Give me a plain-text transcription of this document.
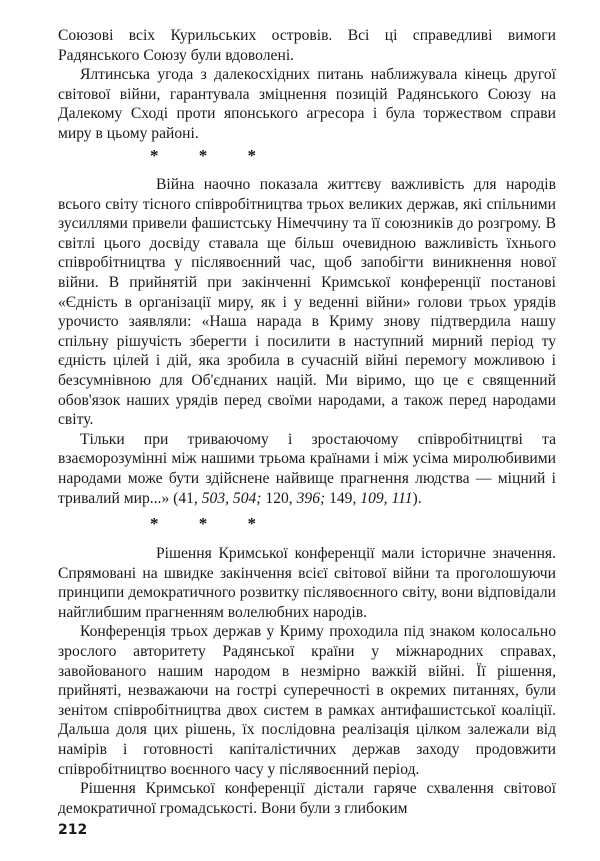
Союзові всіх Курильських островів. Всі ці справедливі вимоги Радянського Союзу були вдоволені.

Ялтинська угода з далекосхідних питань наближувала кінець другої світової війни, гарантувала зміцнення позицій Радянського Союзу на Далекому Сході проти японського агресора і була торжеством справи миру в цьому районі.

* * *

Війна наочно показала життєву важливість для народів всього світу тісного співробітництва трьох великих держав, які спільними зусиллями привели фашистську Німеччину та її союзників до розгрому. В світлі цього досвіду ставала ще більш очевидною важливість їхнього співробітництва у післявоєнний час, щоб запобігти виникнення нової війни. В прийнятій при закінченні Кримської конференції постанові «Єдність в організації миру, як і у веденні війни» голови трьох урядів урочисто заявляли: «Наша нарада в Криму знову підтвердила нашу спільну рішучість зберегти і посилити в наступний мирний період ту єдність цілей і дій, яка зробила в сучасній війні перемогу можливою і безсумнівною для Об'єднаних націй. Ми віримо, що це є священний обов'язок наших урядів перед своїми народами, а також перед народами світу.

Тільки при триваючому і зростаючому співробітництві та взаєморозумінні між нашими трьома країнами і між усіма миролюбивими народами може бути здійснене найвище прагнення людства — міцний і тривалий мир...» (41, 503, 504; 120, 396; 149, 109, 111).

* * *

Рішення Кримської конференції мали історичне значення. Спрямовані на швидке закінчення всієї світової війни та проголошуючи принципи демократичного розвитку післявоєнного світу, вони відповідали найглибшим прагненням волелюбних народів.

Конференція трьох держав у Криму проходила під знаком колосально зрослого авторитету Радянської країни у міжнародних справах, завойованого нашим народом в незмірно важкій війні. Її рішення, прийняті, незважаючи на гострі суперечності в окремих питаннях, були зенітом співробітництва двох систем в рамках антифашистської коаліції. Дальша доля цих рішень, їх послідовна реалізація цілком залежали від намірів і готовності капіталістичних держав заходу продовжити співробітництво воєнного часу у післявоєнний період.

Рішення Кримської конференції дістали гаряче схвалення світової демократичної громадськості. Вони були з глибоким

212
